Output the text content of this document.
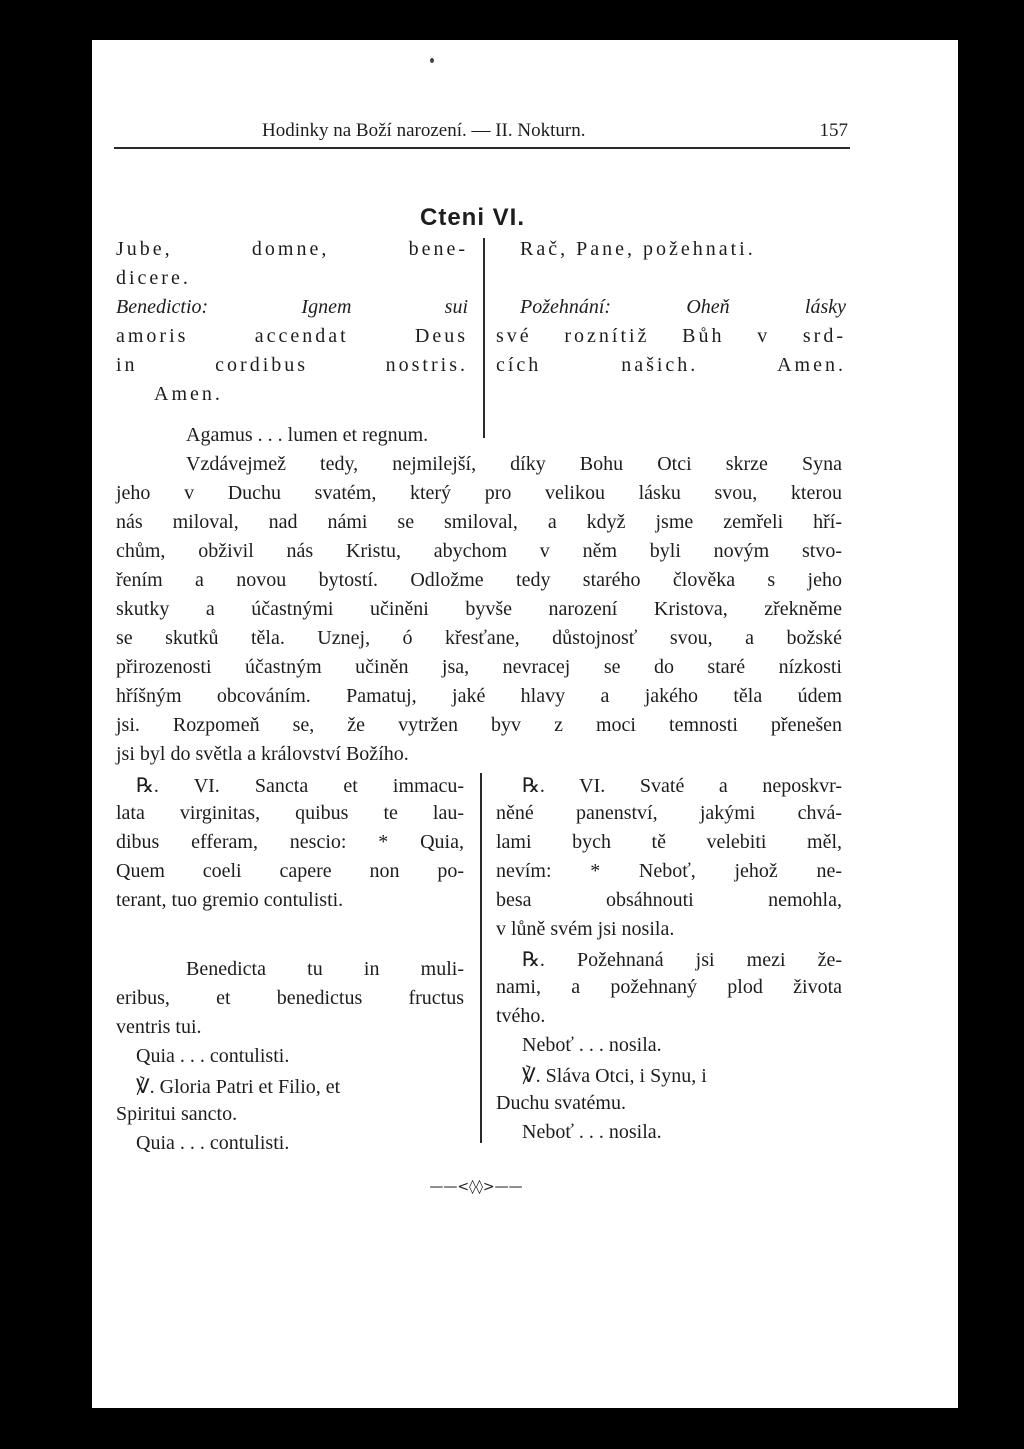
Hodinky na Boží narození. — II. Nokturn.	157
Cteni VI.
Jube, domne, bene-
dicere.
Benedictio: Ignem sui
amoris accendat Deus
in cordibus nostris.
Amen.
Rač, Pane, požehnati.
Požehnání: Oheň lásky
své roznítiž Bůh v srd-
cích našich. Amen.
Agamus . . . lumen et regnum.
Vzdávejmež tedy, nejmilejší, díky Bohu Otci skrze Syna
jeho v Duchu svatém, který pro velikou lásku svou, kterou
nás miloval, nad námi se smiloval, a když jsme zemřeli hří-
chům, obživil nás Kristu, abychom v něm byli novým stvo-
řením a novou bytostí. Odložme tedy starého člověka s jeho
skutky a účastnými učiněni byvše narození Kristova, zřekněme
se skutků těla. Uznej, ó křesťane, důstojnosť svou, a božské
přirozenosti účastným učiněn jsa, nevracej se do staré nízkosti
hříšným obcováním. Pamatuj, jaké hlavy a jakého těla údem
jsi. Rozpomeň se, že vytržen byv z moci temnosti přenešen
jsi byl do světla a království Božího.
℞. VI. Sancta et immacu-
lata virginitas, quibus te lau-
dibus efferam, nescio: * Quia,
Quem coeli capere non po-
terant, tuo gremio contulisti.
Benedicta tu in muli-
eribus, et benedictus fructus
ventris tui.
Quia . . . contulisti.
℣. Gloria Patri et Filio, et
Spiritui sancto.
Quia . . . contulisti.
℞. VI. Svaté a neposkvr-
něné panenství, jakými chvá-
lami bych tě velebiti měl,
nevím: * Neboť, jehož ne-
besa obsáhnouti nemohla,
v lůně svém jsi nosila.
℞. Požehnaná jsi mezi že-
nami, a požehnaný plod života
tvého.
Neboť . . . nosila.
℣. Sláva Otci, i Synu, i
Duchu svatému.
Neboť . . . nosila.
——<◊◊>——
